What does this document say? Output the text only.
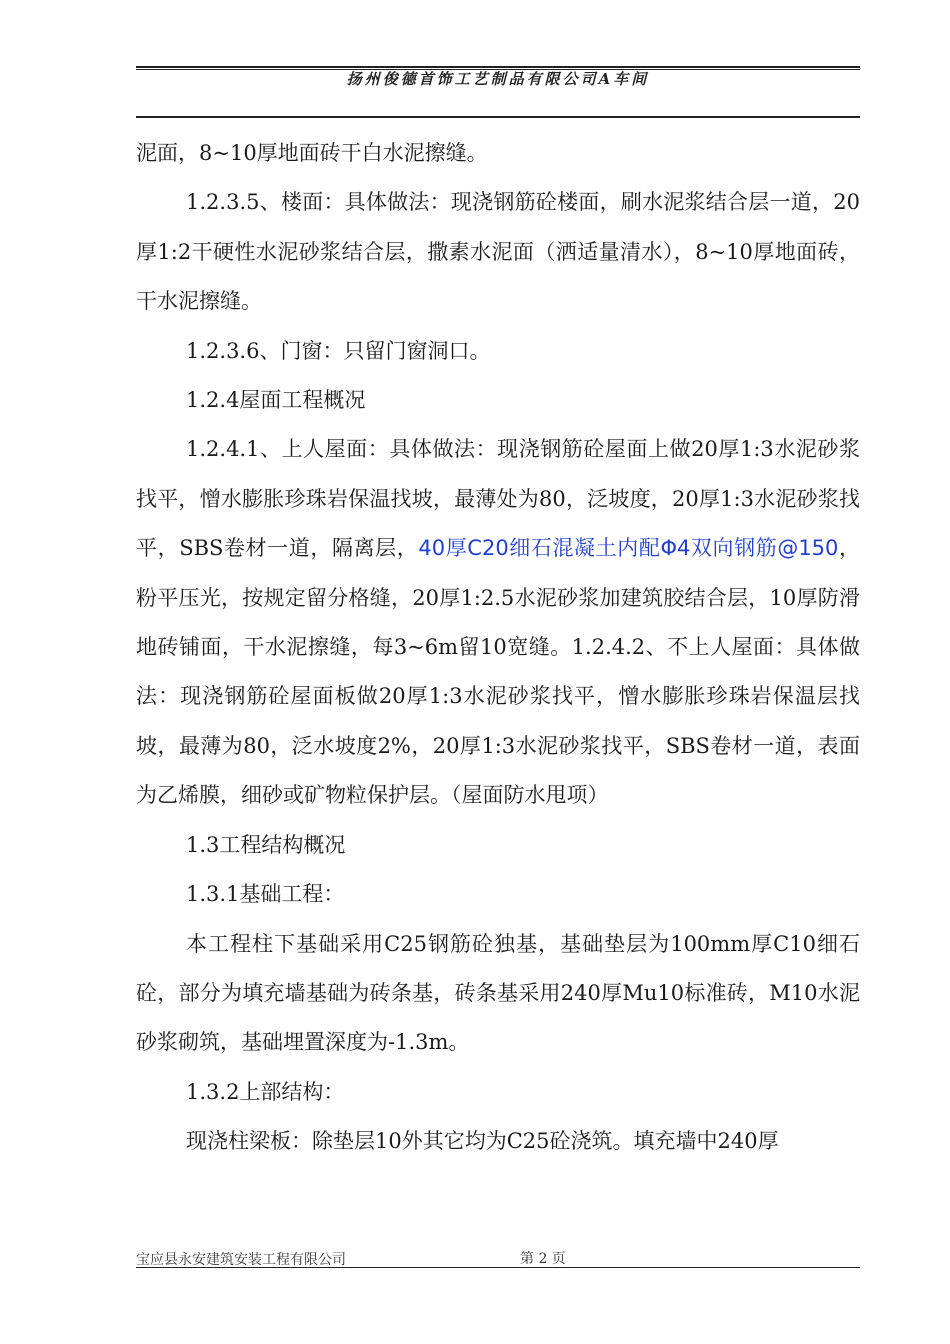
扬州俊德首饰工艺制品有限公司A车间

泥面，8~10厚地面砖干白水泥擦缝。

1.2.3.5、楼面：具体做法：现浇钢筋砼楼面，刷水泥浆结合层一道，20厚1:2干硬性水泥砂浆结合层，撒素水泥面（洒适量清水），8~10厚地面砖，干水泥擦缝。

1.2.3.6、门窗：只留门窗洞口。

1.2.4屋面工程概况

1.2.4.1、上人屋面：具体做法：现浇钢筋砼屋面上做20厚1:3水泥砂浆找平，憎水膨胀珍珠岩保温找坡，最薄处为80，泛坡度，20厚1:3水泥砂浆找平，SBS卷材一道，隔离层，40厚C20细石混凝土内配Φ4双向钢筋@150，粉平压光，按规定留分格缝，20厚1:2.5水泥砂浆加建筑胶结合层，10厚防滑地砖铺面，干水泥擦缝，每3~6m留10宽缝。1.2.4.2、不上人屋面：具体做法：现浇钢筋砼屋面板做20厚1:3水泥砂浆找平，憎水膨胀珍珠岩保温层找坡，最薄为80，泛水坡度2%，20厚1:3水泥砂浆找平，SBS卷材一道，表面为乙烯膜，细砂或矿物粒保护层。（屋面防水甩项）

1.3工程结构概况

1.3.1基础工程：

本工程柱下基础采用C25钢筋砼独基，基础垫层为100mm厚C10细石砼，部分为填充墙基础为砖条基，砖条基采用240厚Mu10标准砖，M10水泥砂浆砌筑，基础埋置深度为-1.3m。

1.3.2上部结构：

现浇柱梁板：除垫层10外其它均为C25砼浇筑。填充墙中240厚

宝应县永安建筑安装工程有限公司	第 2 页
